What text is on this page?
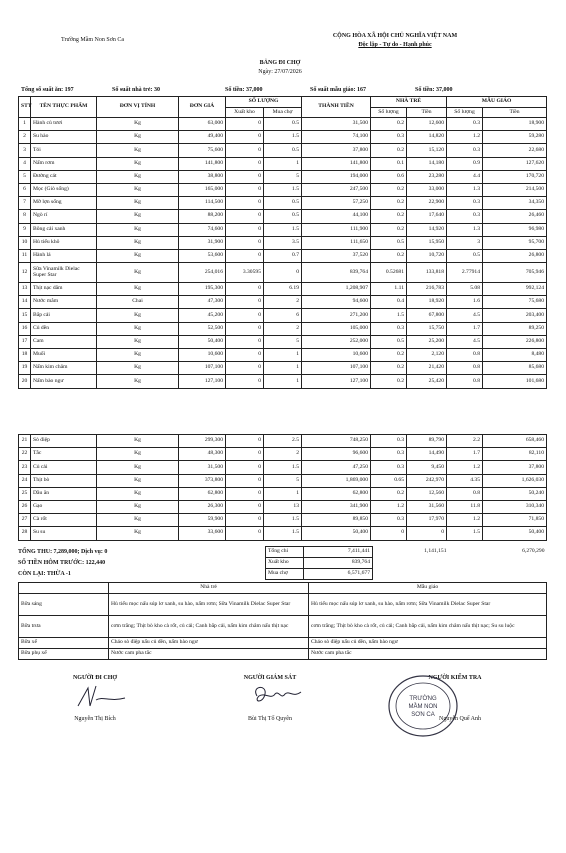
Trường Mầm Non Sơn Ca
CỘNG HÒA XÃ HỘI CHỦ NGHĨA VIỆT NAM
Độc lập - Tự do - Hạnh phúc
BẢNG ĐI CHỢ
Ngày: 27/07/2026
Tổng số suất ăn: 197	Số suất nhà trẻ: 30	Số tiền: 37,000	Số suất mẫu giáo: 167	Số tiền: 37,000
STT	TÊN THỰC PHẨM	ĐƠN VỊ TÍNH	ĐƠN GIÁ	SỐ LƯỢNG		THÀNH TIỀN	NHÀ TRẺ		MẪU GIÁO	
				Xuất kho	Mua chợ		Số lượng	Tiền	Số lượng	Tiền
1	Hành củ tươi	Kg	63,000	0	0.5	31,500	0.2	12,600	0.3	18,900
2	Su hào	Kg	49,400	0	1.5	74,100	0.3	14,820	1.2	59,280
3	Tỏi	Kg	75,600	0	0.5	37,800	0.2	15,120	0.3	22,680
4	Nấm rơm	Kg	141,800	0	1	141,800	0.1	14,180	0.9	127,620
5	Đường cát	Kg	38,800	0	5	194,000	0.6	23,280	4.4	170,720
6	Mọc (Giò sống)	Kg	165,000	0	1.5	247,500	0.2	33,000	1.3	214,500
7	Mỡ lợn sống	Kg	114,500	0	0.5	57,250	0.2	22,900	0.3	34,350
8	Ngò rí	Kg	88,200	0	0.5	44,100	0.2	17,640	0.3	26,460
9	Bông cải xanh	Kg	74,600	0	1.5	111,900	0.2	14,920	1.3	96,980
10	Hủ tiếu khô	Kg	31,900	0	3.5	111,650	0.5	15,950	3	95,700
11	Hành lá	Kg	53,600	0	0.7	37,520	0.2	10,720	0.5	26,800
12	Sữa Vinamilk Dielac Super Star	Kg	254,016	3.30595	0	839,764	0.52681	133,818	2.77914	705,946
13	Thịt nạc dăm	Kg	195,300	0	6.19	1,208,907	1.11	216,783	5.08	992,124
14	Nước mắm	Chai	47,300	0	2	94,600	0.4	18,920	1.6	75,680
15	Bắp cải	Kg	45,200	0	6	271,200	1.5	67,800	4.5	203,400
16	Củ dền	Kg	52,500	0	2	105,000	0.3	15,750	1.7	89,250
17	Cam	Kg	50,400	0	5	252,000	0.5	25,200	4.5	226,800
18	Muối	Kg	10,600	0	1	10,600	0.2	2,120	0.8	8,480
19	Nấm kim châm	Kg	107,100	0	1	107,100	0.2	21,420	0.8	85,680
20	Nấm bào ngư	Kg	127,100	0	1	127,100	0.2	25,420	0.8	101,680
21	Sò điệp	Kg	299,300	0	2.5	748,250	0.3	89,790	2.2	658,460
22	Tắc	Kg	48,300	0	2	96,600	0.3	14,490	1.7	82,110
23	Củ cải	Kg	31,500	0	1.5	47,250	0.3	9,450	1.2	37,800
24	Thịt bò	Kg	373,800	0	5	1,869,000	0.65	242,970	4.35	1,626,030
25	Dầu ăn	Kg	62,800	0	1	62,800	0.2	12,560	0.8	50,240
26	Gạo	Kg	26,300	0	13	341,900	1.2	31,560	11.8	310,340
27	Cà rốt	Kg	59,900	0	1.5	89,850	0.3	17,970	1.2	71,850
28	Su su	Kg	33,600	0	1.5	50,400	0	0	1.5	50,400
TỔNG THU: 7,289,000; Dịch vụ: 0
SỐ TIỀN HÔM TRƯỚC: 122,440
CÒN LẠI: THỪA -1
Tổng chi	7,411,441		1,141,151		6,270,290
Xuất kho	839,764				
Mua chợ	6,571,677				
	Nhà trẻ	Mẫu giáo
Bữa sáng	Hủ tiếu mọc nấu súp lơ xanh, su hào, nấm rơm; Sữa Vinamilk Dielac Super Star	Hủ tiếu mọc nấu súp lơ xanh, su hào, nấm rơm; Sữa Vinamilk Dielac Super Star
Bữa trưa	cơm trắng; Thịt bò kho cà rốt, củ cải; Canh bắp cải, nấm kim châm nấu thịt nạc	cơm trắng; Thịt bò kho cà rốt, củ cải; Canh bắp cải, nấm kim châm nấu thịt nạc; Su su luộc
Bữa xế	Cháo sò điệp nấu củ dền, nấm bào ngư	Cháo sò điệp nấu củ dền, nấm bào ngư
Bữa phụ xế	Nước cam pha tắc	Nước cam pha tắc
NGƯỜI ĐI CHỢ	NGƯỜI GIÁM SÁT	NGƯỜI KIỂM TRA
TRƯỜNG
MẦM NON
SƠN CA
Nguyễn Thị Bích	Bùi Thị Tố Quyên	Nguyễn Quế Anh
